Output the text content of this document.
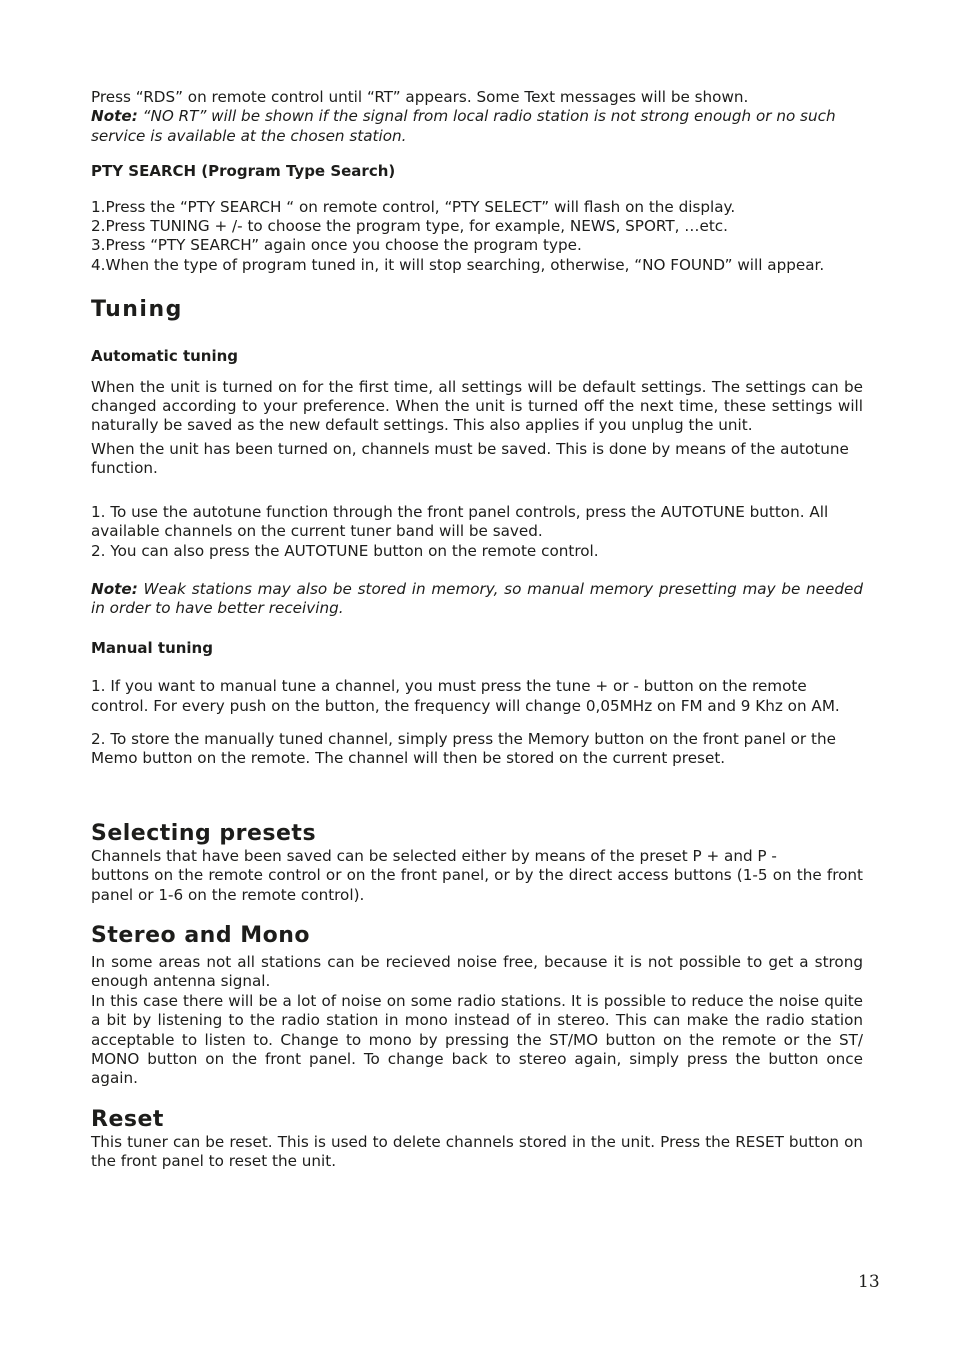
Press “RDS” on remote control until “RT” appears. Some Text messages will be shown.

Note: “NO RT” will be shown if the signal from local radio station is not strong enough or no such service is available at the chosen station.

PTY SEARCH (Program Type Search)

1.Press the “PTY SEARCH “ on remote control, “PTY SELECT” will flash on the display.

2.Press TUNING + /- to choose the program type, for example, NEWS, SPORT, …etc.

3.Press “PTY SEARCH” again once you choose the program type.

4.When the type of program tuned in, it will stop searching, otherwise, “NO FOUND” will appear.

Tuning

Automatic tuning

When the unit is turned on for the first time, all settings will be default settings. The settings can be changed according to your preference. When the unit is turned off the next time, these settings will naturally be saved as the new default settings. This also applies if you unplug the unit.

When the unit has been turned on, channels must be saved. This is done by means of the autotune function.

1. To use the autotune function through the front panel controls, press the AUTOTUNE button. All available channels on the current tuner band will be saved.

2. You can also press the AUTOTUNE button on the remote control.

Note: Weak stations may also be stored in memory, so manual memory presetting may be needed in order to have better receiving.

Manual tuning

1. If you want to manual tune a channel, you must press the tune + or - button on the remote control. For every push on the button, the frequency will change 0,05MHz on FM and 9 Khz on AM.

2. To store the manually tuned channel, simply press the Memory button on the front panel or the Memo button on the remote. The channel will then be stored on the current preset.

Selecting presets

Channels that have been saved can be selected either by means of the preset P + and P -

buttons on the remote control or on the front panel, or by the direct access buttons (1-5 on the front panel or 1-6 on the remote control).

Stereo and Mono

In some areas not all stations can be recieved noise free, because it is not possible to get a strong enough antenna signal.

In this case there will be a lot of noise on some radio stations. It is possible to reduce the noise quite a bit by listening to the radio station in mono instead of in stereo. This can make the radio station acceptable to listen to. Change to mono by pressing the ST/MO button on the remote or the ST/ MONO button on the front panel. To change back to stereo again, simply press the button once again.

Reset

This tuner can be reset. This is used to delete channels stored in the unit. Press the RESET button on the front panel to reset the unit.

13
